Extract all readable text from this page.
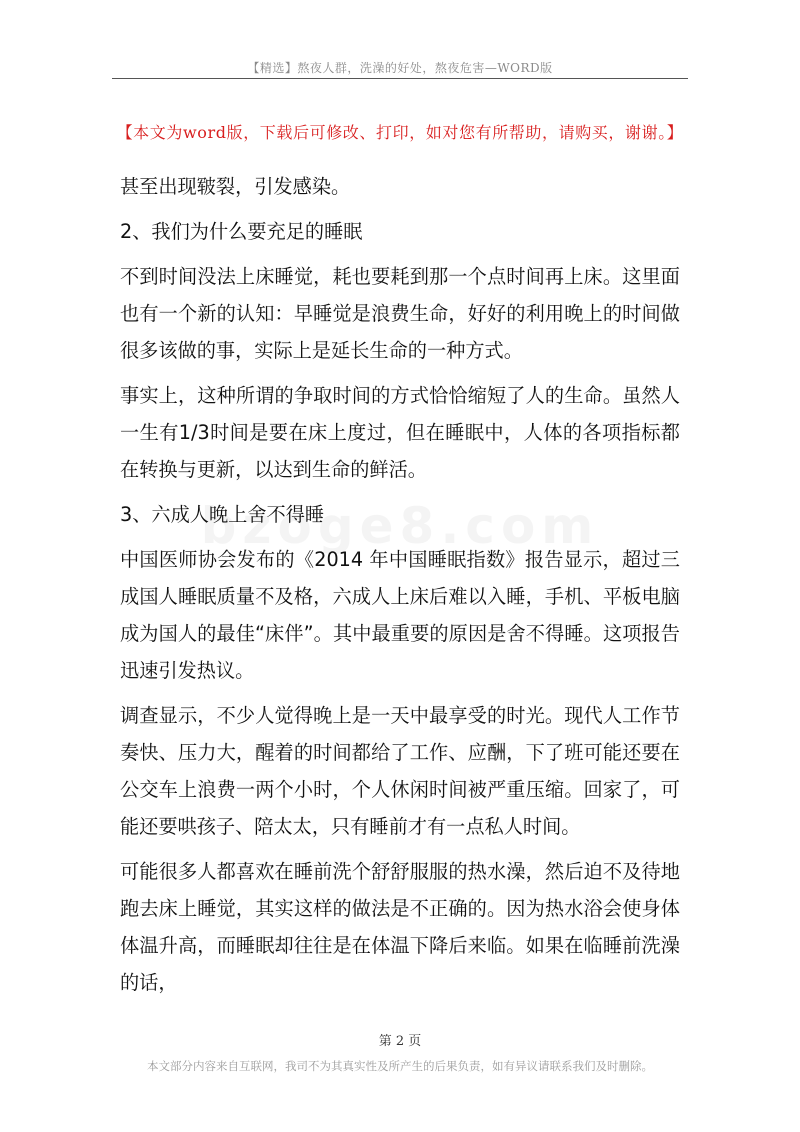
【精选】熬夜人群，洗澡的好处，熬夜危害—WORD版
【本文为word版，下载后可修改、打印，如对您有所帮助，请购买，谢谢。】

甚至出现皲裂，引发感染。

2、我们为什么要充足的睡眠

不到时间没法上床睡觉，耗也要耗到那一个点时间再上床。这里面也有一个新的认知：早睡觉是浪费生命，好好的利用晚上的时间做很多该做的事，实际上是延长生命的一种方式。

事实上，这种所谓的争取时间的方式恰恰缩短了人的生命。虽然人一生有1/3时间是要在床上度过，但在睡眠中，人体的各项指标都在转换与更新，以达到生命的鲜活。

3、六成人晚上舍不得睡

中国医师协会发布的《2014 年中国睡眠指数》报告显示，超过三成国人睡眠质量不及格，六成人上床后难以入睡，手机、平板电脑成为国人的最佳“床伴”。其中最重要的原因是舍不得睡。这项报告迅速引发热议。

调查显示，不少人觉得晚上是一天中最享受的时光。现代人工作节奏快、压力大，醒着的时间都给了工作、应酬，下了班可能还要在公交车上浪费一两个小时，个人休闲时间被严重压缩。回家了，可能还要哄孩子、陪太太，只有睡前才有一点私人时间。

可能很多人都喜欢在睡前洗个舒舒服服的热水澡，然后迫不及待地跑去床上睡觉，其实这样的做法是不正确的。因为热水浴会使身体体温升高，而睡眠却往往是在体温下降后来临。如果在临睡前洗澡的话，

第 2 页
本文部分内容来自互联网，我司不为其真实性及所产生的后果负责，如有异议请联系我们及时删除。
